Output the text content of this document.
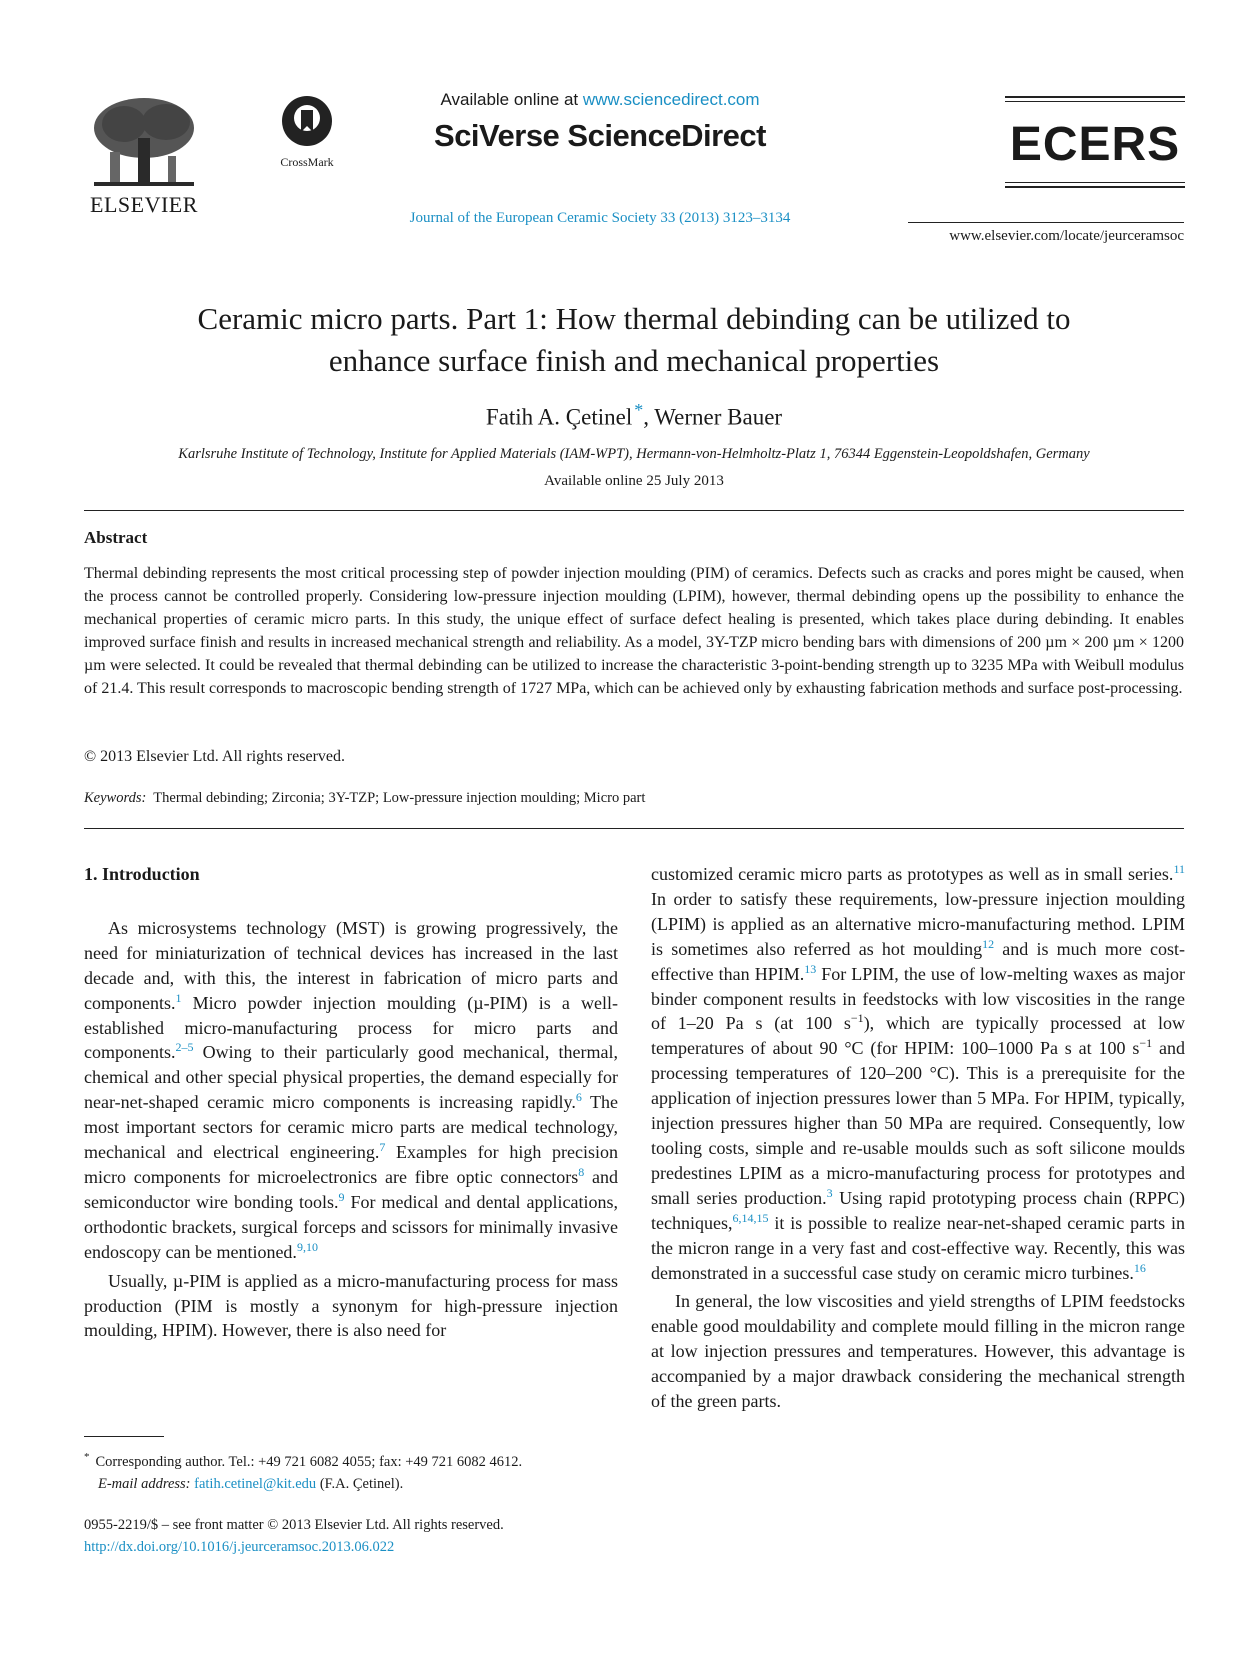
ELSEVIER
CrossMark
Available online at www.sciencedirect.com
SciVerse ScienceDirect
Journal of the European Ceramic Society 33 (2013) 3123–3134
ECERS
www.elsevier.com/locate/jeurceramsoc
Ceramic micro parts. Part 1: How thermal debinding can be utilized to
enhance surface finish and mechanical properties
Fatih A. Çetinel *, Werner Bauer
Karlsruhe Institute of Technology, Institute for Applied Materials (IAM-WPT), Hermann-von-Helmholtz-Platz 1, 76344 Eggenstein-Leopoldshafen, Germany
Available online 25 July 2013
Abstract
Thermal debinding represents the most critical processing step of powder injection moulding (PIM) of ceramics. Defects such as cracks and pores might be caused, when the process cannot be controlled properly. Considering low-pressure injection moulding (LPIM), however, thermal debinding opens up the possibility to enhance the mechanical properties of ceramic micro parts. In this study, the unique effect of surface defect healing is presented, which takes place during debinding. It enables improved surface finish and results in increased mechanical strength and reliability. As a model, 3Y-TZP micro bending bars with dimensions of 200 µm × 200 µm × 1200 µm were selected. It could be revealed that thermal debinding can be utilized to increase the characteristic 3-point-bending strength up to 3235 MPa with Weibull modulus of 21.4. This result corresponds to macroscopic bending strength of 1727 MPa, which can be achieved only by exhausting fabrication methods and surface post-processing.
© 2013 Elsevier Ltd. All rights reserved.
Keywords: Thermal debinding; Zirconia; 3Y-TZP; Low-pressure injection moulding; Micro part
1. Introduction

As microsystems technology (MST) is growing progressively, the need for miniaturization of technical devices has increased in the last decade and, with this, the interest in fabrication of micro parts and components.$^1$ Micro powder injection moulding (µ-PIM) is a well-established micro-manufacturing process for micro parts and components.$^{2-5}$ Owing to their particularly good mechanical, thermal, chemical and other special physical properties, the demand especially for near-net-shaped ceramic micro components is increasing rapidly.$^6$ The most important sectors for ceramic micro parts are medical technology, mechanical and electrical engineering.$^7$ Examples for high precision micro components for microelectronics are fibre optic connectors$^8$ and semiconductor wire bonding tools.$^9$ For medical and dental applications, orthodontic brackets, surgical forceps and scissors for minimally invasive endoscopy can be mentioned.$^{9,10}$

Usually, µ-PIM is applied as a micro-manufacturing process for mass production (PIM is mostly a synonym for high-pressure injection moulding, HPIM). However, there is also need for

customized ceramic micro parts as prototypes as well as in small series.$^{11}$ In order to satisfy these requirements, low-pressure injection moulding (LPIM) is applied as an alternative micro-manufacturing method. LPIM is sometimes also referred as hot moulding$^{12}$ and is much more cost-effective than HPIM.$^{13}$ For LPIM, the use of low-melting waxes as major binder component results in feedstocks with low viscosities in the range of 1–20 Pa s (at 100 $s^{-1}$), which are typically processed at low temperatures of about 90 °C (for HPIM: 100–1000 Pa s at 100 $s^{-1}$ and processing temperatures of 120–200 °C). This is a prerequisite for the application of injection pressures lower than 5 MPa. For HPIM, typically, injection pressures higher than 50 MPa are required. Consequently, low tooling costs, simple and re-usable moulds such as soft silicone moulds predestines LPIM as a micro-manufacturing process for prototypes and small series production.$^3$ Using rapid prototyping process chain (RPPC) techniques,$^{6,14,15}$ it is possible to realize near-net-shaped ceramic parts in the micron range in a very fast and cost-effective way. Recently, this was demonstrated in a successful case study on ceramic micro turbines.$^{16}$

In general, the low viscosities and yield strengths of LPIM feedstocks enable good mouldability and complete mould filling in the micron range at low injection pressures and temperatures. However, this advantage is accompanied by a major drawback considering the mechanical strength of the green parts.

* Corresponding author. Tel.: +49 721 6082 4055; fax: +49 721 6082 4612.
E-mail address: fatih.cetinel@kit.edu (F.A. Çetinel).
0955-2219/$ – see front matter © 2013 Elsevier Ltd. All rights reserved.
http://dx.doi.org/10.1016/j.jeurceramsoc.2013.06.022
